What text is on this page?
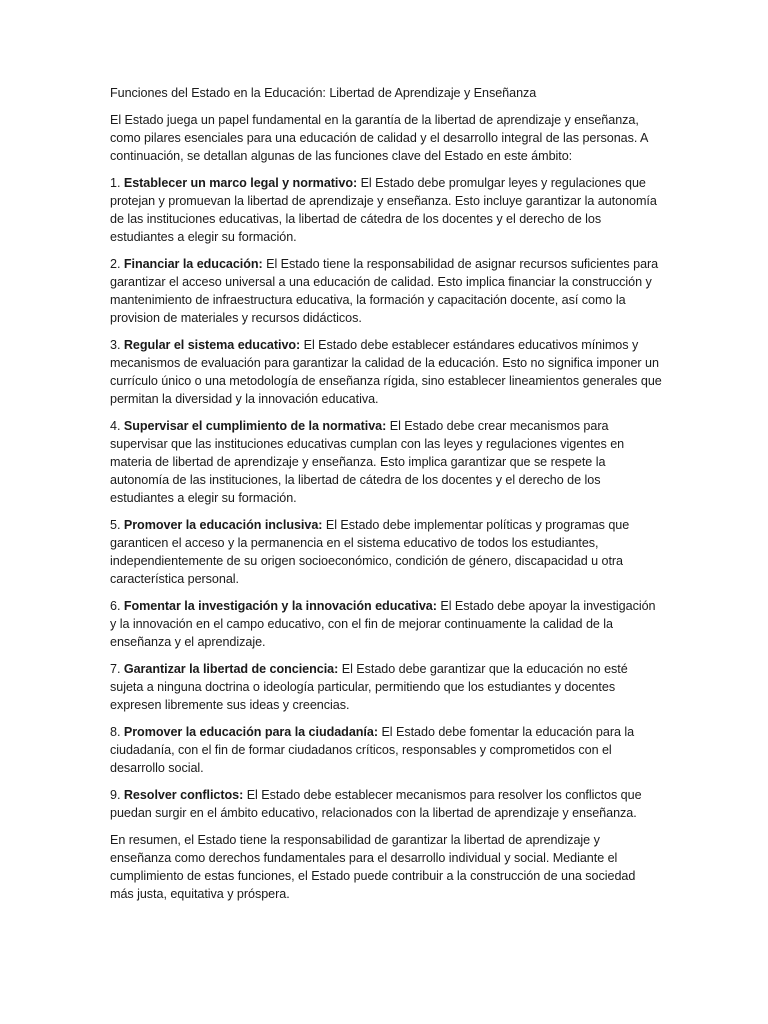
Funciones del Estado en la Educación: Libertad de Aprendizaje y Enseñanza

El Estado juega un papel fundamental en la garantía de la libertad de aprendizaje y enseñanza, como pilares esenciales para una educación de calidad y el desarrollo integral de las personas. A continuación, se detallan algunas de las funciones clave del Estado en este ámbito:

1. Establecer un marco legal y normativo: El Estado debe promulgar leyes y regulaciones que protejan y promuevan la libertad de aprendizaje y enseñanza. Esto incluye garantizar la autonomía de las instituciones educativas, la libertad de cátedra de los docentes y el derecho de los estudiantes a elegir su formación.

2. Financiar la educación: El Estado tiene la responsabilidad de asignar recursos suficientes para garantizar el acceso universal a una educación de calidad. Esto implica financiar la construcción y mantenimiento de infraestructura educativa, la formación y capacitación docente, así como la provision de materiales y recursos didácticos.

3. Regular el sistema educativo: El Estado debe establecer estándares educativos mínimos y mecanismos de evaluación para garantizar la calidad de la educación. Esto no significa imponer un currículo único o una metodología de enseñanza rígida, sino establecer lineamientos generales que permitan la diversidad y la innovación educativa.

4. Supervisar el cumplimiento de la normativa: El Estado debe crear mecanismos para supervisar que las instituciones educativas cumplan con las leyes y regulaciones vigentes en materia de libertad de aprendizaje y enseñanza. Esto implica garantizar que se respete la autonomía de las instituciones, la libertad de cátedra de los docentes y el derecho de los estudiantes a elegir su formación.

5. Promover la educación inclusiva: El Estado debe implementar políticas y programas que garanticen el acceso y la permanencia en el sistema educativo de todos los estudiantes, independientemente de su origen socioeconómico, condición de género, discapacidad u otra característica personal.

6. Fomentar la investigación y la innovación educativa: El Estado debe apoyar la investigación y la innovación en el campo educativo, con el fin de mejorar continuamente la calidad de la enseñanza y el aprendizaje.

7. Garantizar la libertad de conciencia: El Estado debe garantizar que la educación no esté sujeta a ninguna doctrina o ideología particular, permitiendo que los estudiantes y docentes expresen libremente sus ideas y creencias.

8. Promover la educación para la ciudadanía: El Estado debe fomentar la educación para la ciudadanía, con el fin de formar ciudadanos críticos, responsables y comprometidos con el desarrollo social.

9. Resolver conflictos: El Estado debe establecer mecanismos para resolver los conflictos que puedan surgir en el ámbito educativo, relacionados con la libertad de aprendizaje y enseñanza.

En resumen, el Estado tiene la responsabilidad de garantizar la libertad de aprendizaje y enseñanza como derechos fundamentales para el desarrollo individual y social. Mediante el cumplimiento de estas funciones, el Estado puede contribuir a la construcción de una sociedad más justa, equitativa y próspera.
